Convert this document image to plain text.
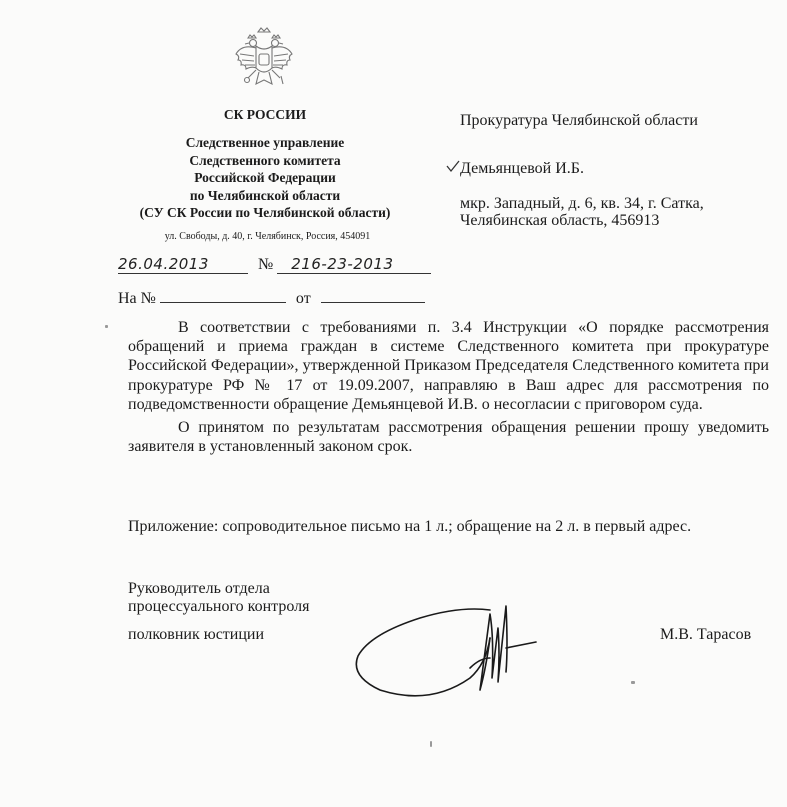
СК РОССИИ
Следственное управление
Следственного комитета
Российской Федерации
по Челябинской области
(СУ СК России по Челябинской области)
ул. Свободы, д. 40, г. Челябинск, Россия, 454091
Прокуратура Челябинской области
Демьянцевой И.Б.
мкр. Западный, д. 6, кв. 34, г. Сатка,
Челябинская область, 456913
26.04.2013	№ 216-23-2013
На №	от

В соответствии с требованиями п. 3.4 Инструкции «О порядке рассмотрения обращений и приема граждан в системе Следственного комитета при прокуратуре Российской Федерации», утвержденной Приказом Председателя Следственного комитета при прокуратуре РФ № 17 от 19.09.2007, направляю в Ваш адрес для рассмотрения по подведомственности обращение Демьянцевой И.В. о несогласии с приговором суда.

О принятом по результатам рассмотрения обращения решении прошу уведомить заявителя в установленный законом срок.

Приложение: сопроводительное письмо на 1 л.; обращение на 2 л. в первый адрес.
Руководитель отдела
процессуального контроля
полковник юстиции	М.В. Тарасов
